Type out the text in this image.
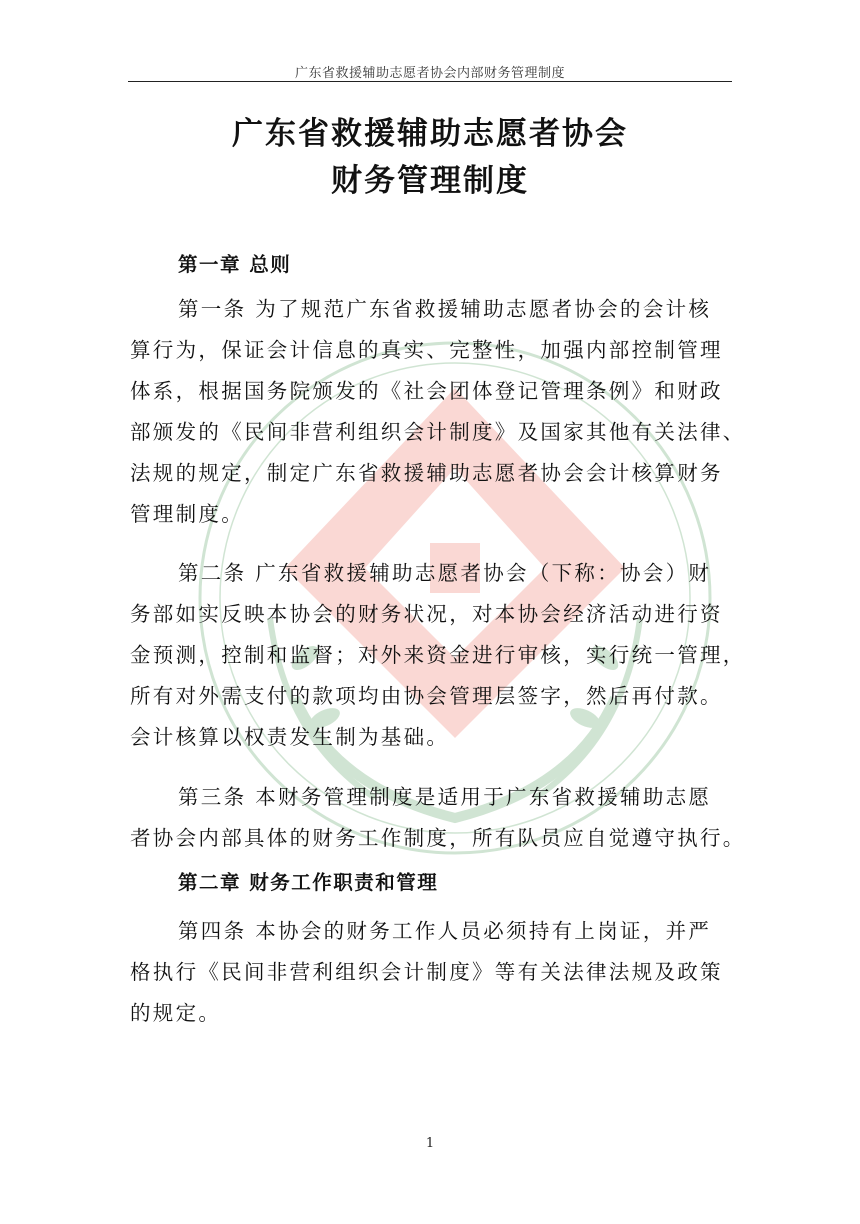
广东省救援辅助志愿者协会内部财务管理制度
广东省救援辅助志愿者协会
财务管理制度
第一章 总则
第一条 为了规范广东省救援辅助志愿者协会的会计核
算行为，保证会计信息的真实、完整性，加强内部控制管理
体系，根据国务院颁发的《社会团体登记管理条例》和财政
部颁发的《民间非营利组织会计制度》及国家其他有关法律、
法规的规定，制定广东省救援辅助志愿者协会会计核算财务
管理制度。
第二条 广东省救援辅助志愿者协会（下称：协会）财
务部如实反映本协会的财务状况，对本协会经济活动进行资
金预测，控制和监督；对外来资金进行审核，实行统一管理，
所有对外需支付的款项均由协会管理层签字，然后再付款。
会计核算以权责发生制为基础。
第三条 本财务管理制度是适用于广东省救援辅助志愿
者协会内部具体的财务工作制度，所有队员应自觉遵守执行。
第二章 财务工作职责和管理
第四条 本协会的财务工作人员必须持有上岗证，并严
格执行《民间非营利组织会计制度》等有关法律法规及政策
的规定。
1
